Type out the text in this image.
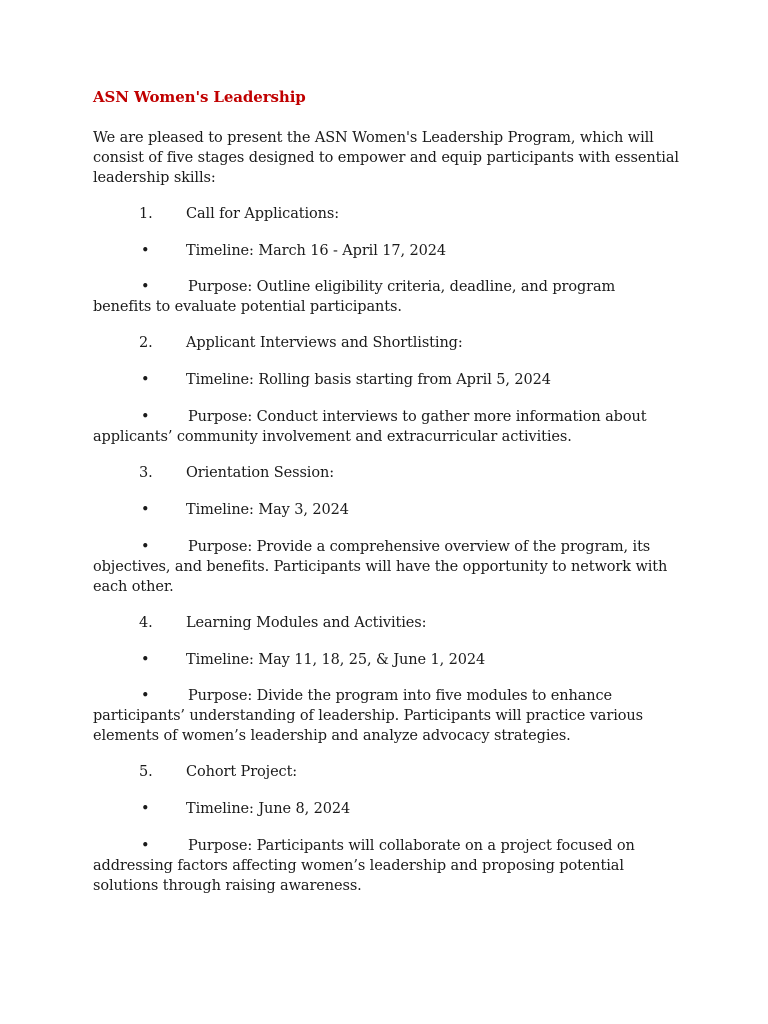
ASN Women's Leadership

We are pleased to present the ASN Women's Leadership Program, which will consist of five stages designed to empower and equip participants with essential leadership skills:

1. Call for Applications:
•	Timeline: March 16 - April 17, 2024

•	Purpose: Outline eligibility criteria, deadline, and program benefits to evaluate potential participants.

2. Applicant Interviews and Shortlisting:
•	Timeline: Rolling basis starting from April 5, 2024

•	Purpose: Conduct interviews to gather more information about applicants’ community involvement and extracurricular activities.

3. Orientation Session:
•	Timeline: May 3, 2024

•	Purpose: Provide a comprehensive overview of the program, its objectives, and benefits. Participants will have the opportunity to network with each other.

4. Learning Modules and Activities:
•	Timeline: May 11, 18, 25, & June 1, 2024

•	Purpose: Divide the program into five modules to enhance participants’ understanding of leadership. Participants will practice various elements of women’s leadership and analyze advocacy strategies.

5. Cohort Project:
•	Timeline: June 8, 2024

•	Purpose: Participants will collaborate on a project focused on addressing factors affecting women’s leadership and proposing potential solutions through raising awareness.
